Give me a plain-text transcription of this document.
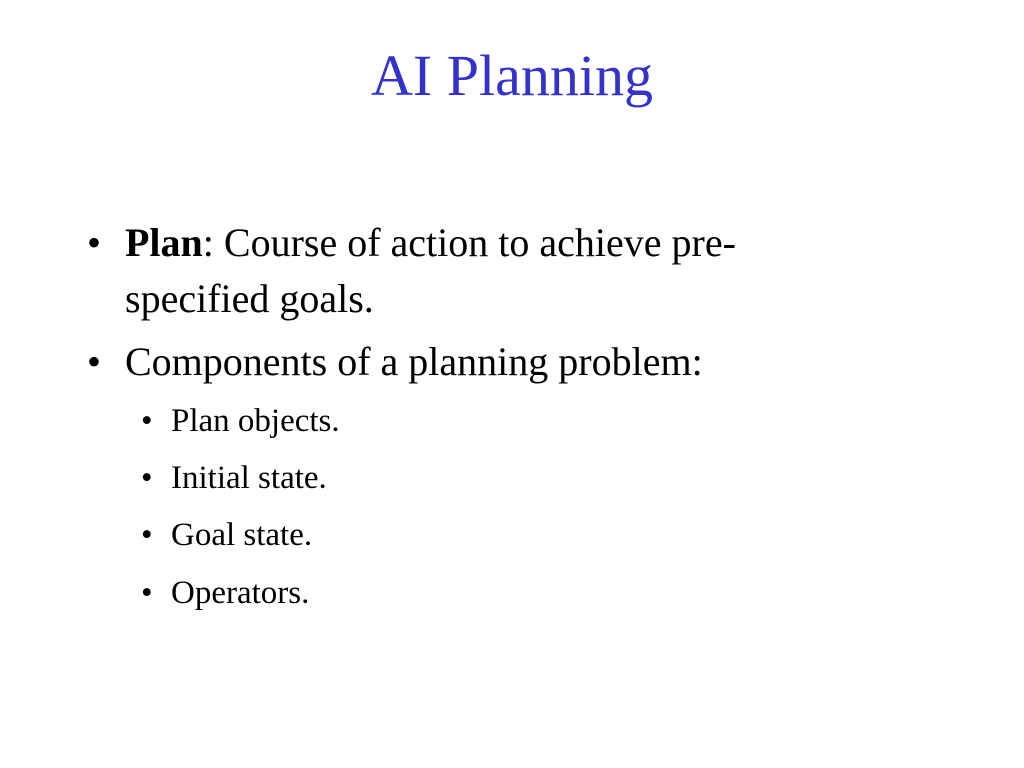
AI Planning
• Plan: Course of action to achieve pre-
specified goals.
• Components of a planning problem:
• Plan objects.
• Initial state.
• Goal state.
• Operators.
